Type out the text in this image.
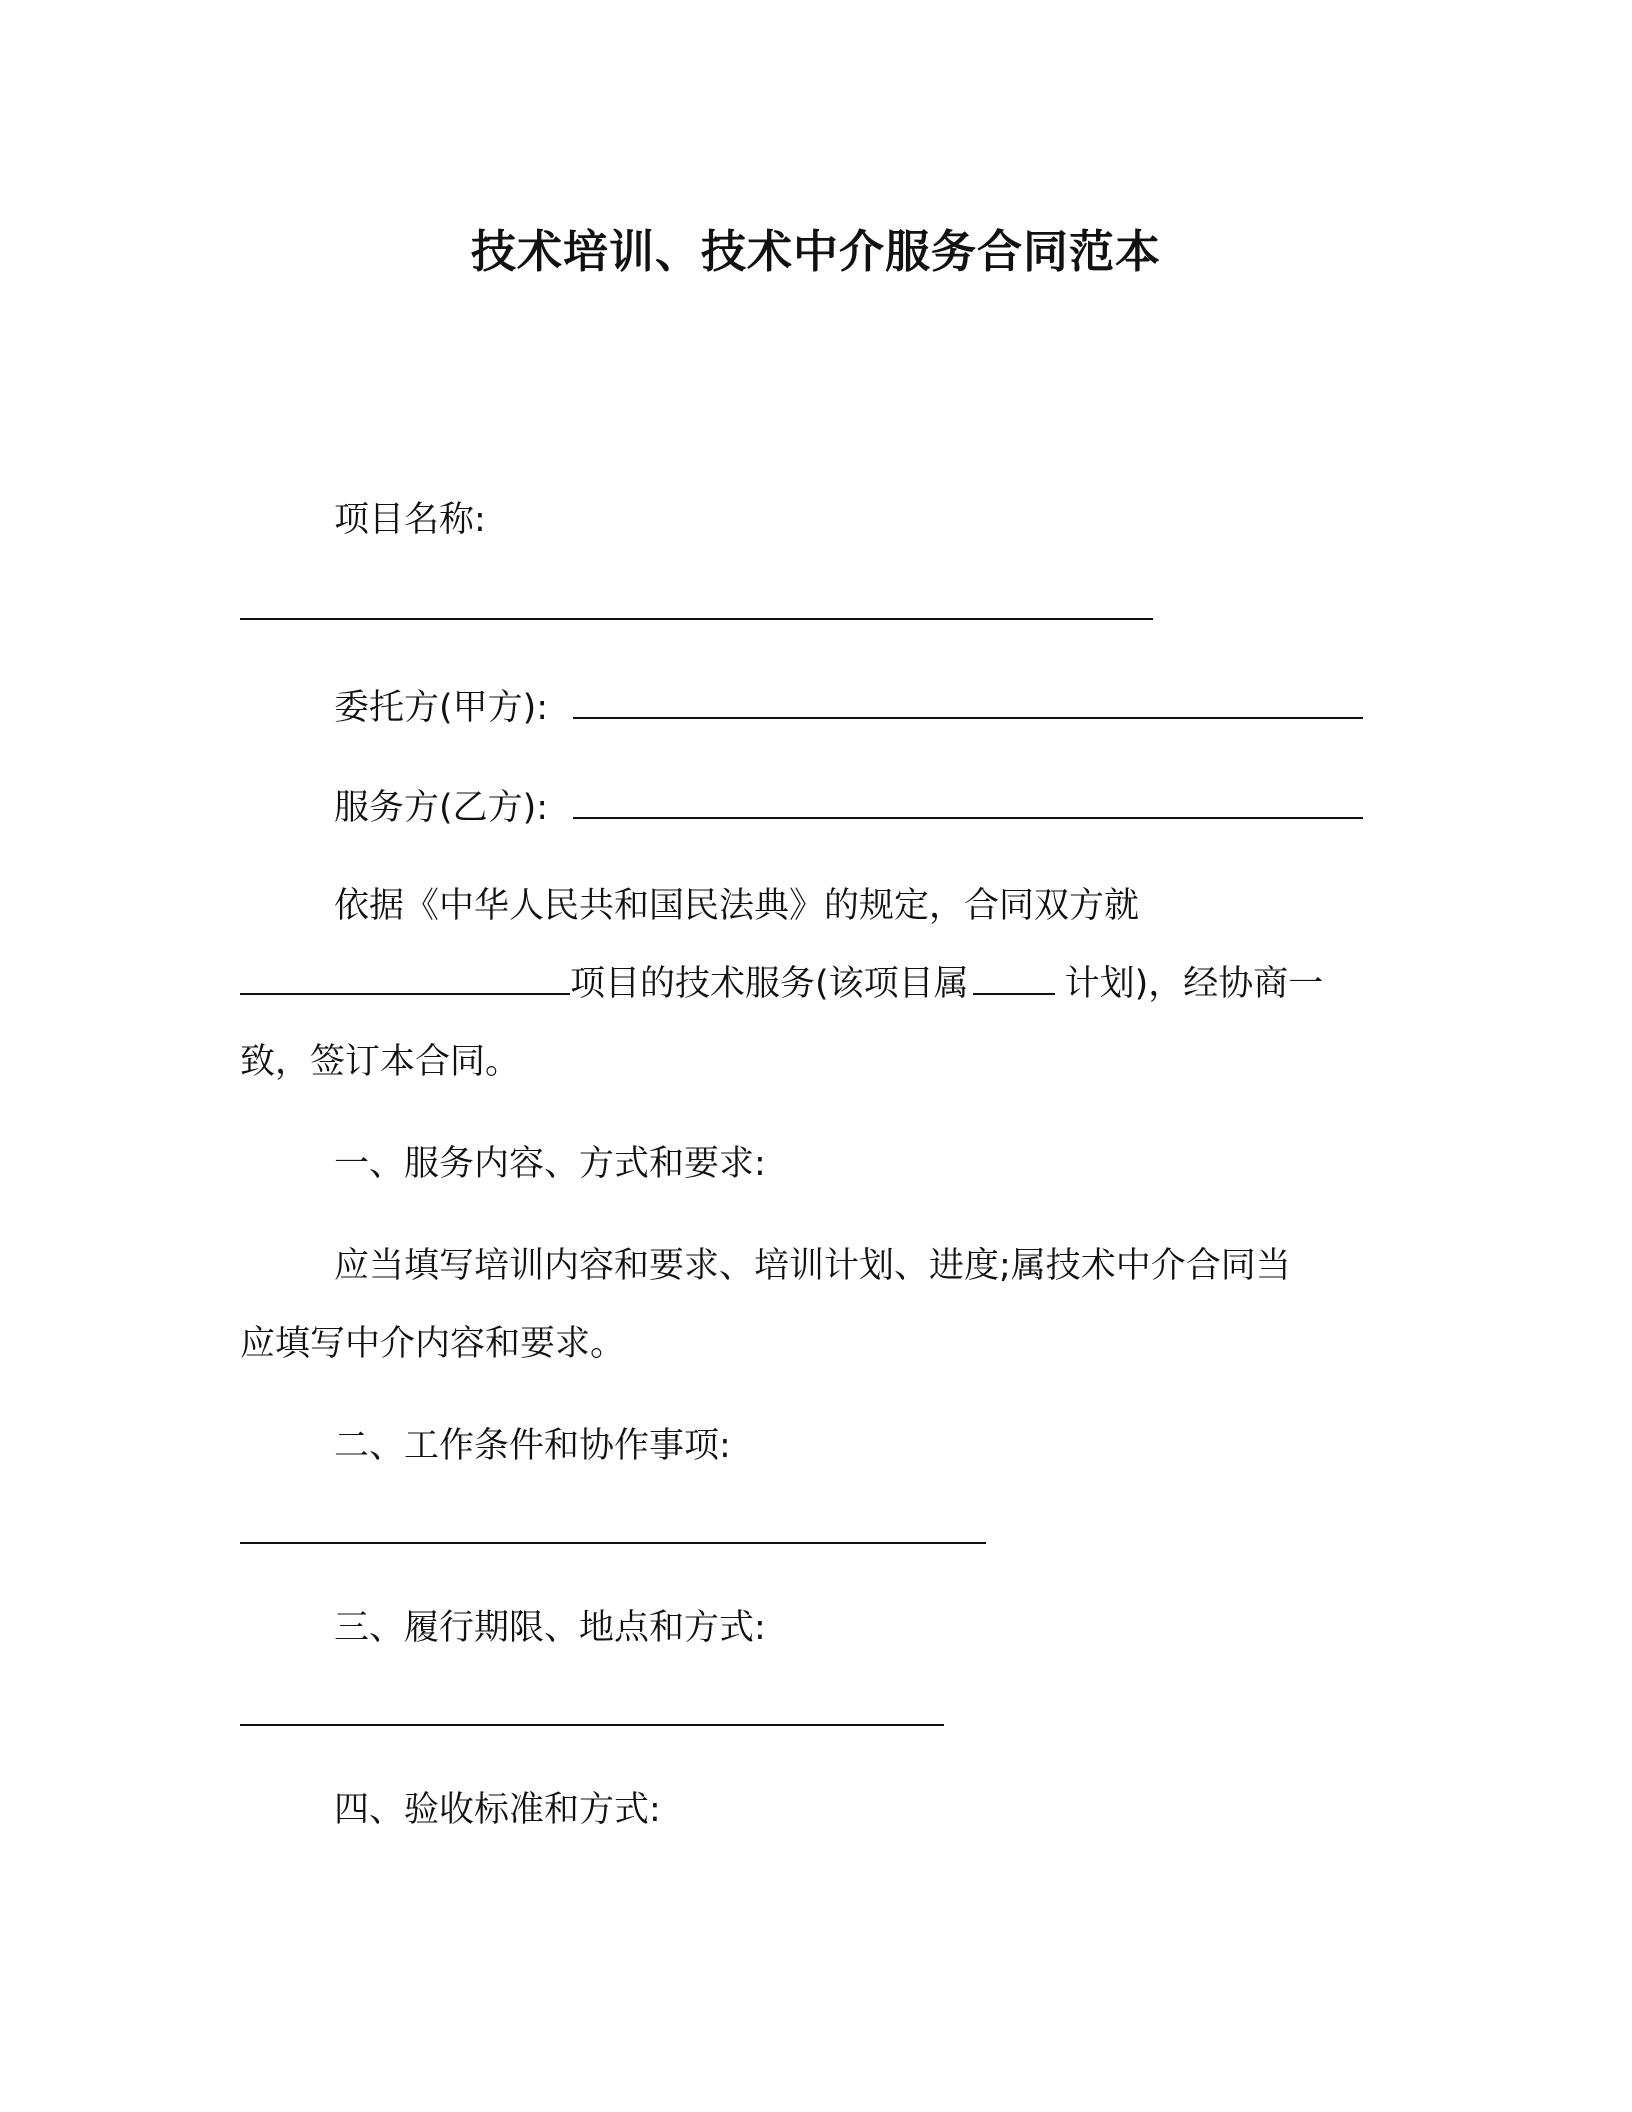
技术培训、技术中介服务合同范本
项目名称:
委托方(甲方):
服务方(乙方):
依据《中华人民共和国民法典》的规定，合同双方就
项目的技术服务(该项目属	计划)，经协商一
致，签订本合同。
一、服务内容、方式和要求:
应当填写培训内容和要求、培训计划、进度;属技术中介合同当
应填写中介内容和要求。
二、工作条件和协作事项:
三、履行期限、地点和方式:
四、验收标准和方式:
